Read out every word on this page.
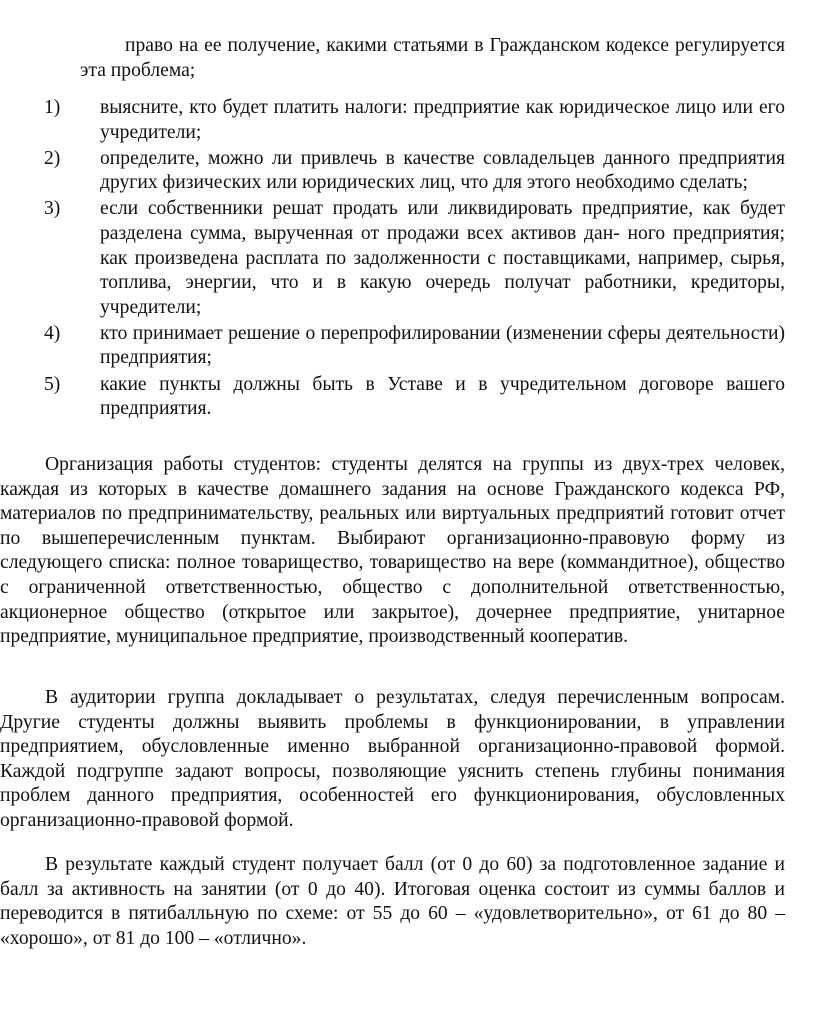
право на ее получение, какими статьями в Гражданском кодексе регулируется эта проблема;

1) выясните, кто будет платить налоги: предприятие как юридическое лицо или его учредители;
2) определите, можно ли привлечь в качестве совладельцев данного предприятия других физических или юридических лиц, что для этого необходимо сделать;
3) если собственники решат продать или ликвидировать предприятие, как будет разделена сумма, вырученная от продажи всех активов дан- ного предприятия; как произведена расплата по задолженности с поставщиками, например, сырья, топлива, энергии, что и в какую очередь получат работники, кредиторы, учредители;
4) кто принимает решение о перепрофилировании (изменении сферы деятельности) предприятия;
5) какие пункты должны быть в Уставе и в учредительном договоре вашего предприятия.

Организация работы студентов: студенты делятся на группы из двух-трех человек, каждая из которых в качестве домашнего задания на основе Гражданского кодекса РФ, материалов по предпринимательству, реальных или виртуальных предприятий готовит отчет по вышеперечисленным пунктам. Выбирают организационно-правовую форму из следующего списка: полное товарищество, товарищество на вере (коммандитное), общество с ограниченной ответственностью, общество с дополнительной ответственностью, акционерное общество (открытое или закрытое), дочернее предприятие, унитарное предприятие, муниципальное предприятие, производственный кооператив.

В аудитории группа докладывает о результатах, следуя перечисленным вопросам. Другие студенты должны выявить проблемы в функционировании, в управлении предприятием, обусловленные именно выбранной организационно-правовой формой. Каждой подгруппе задают вопросы, позволяющие уяснить степень глубины понимания проблем данного предприятия, особенностей его функционирования, обусловленных организационно-правовой формой.

В результате каждый студент получает балл (от 0 до 60) за подготовленное задание и балл за активность на занятии (от 0 до 40). Итоговая оценка состоит из суммы баллов и переводится в пятибалльную по схеме: от 55 до 60 – «удовлетворительно», от 61 до 80 – «хорошо», от 81 до 100 – «отлично».
